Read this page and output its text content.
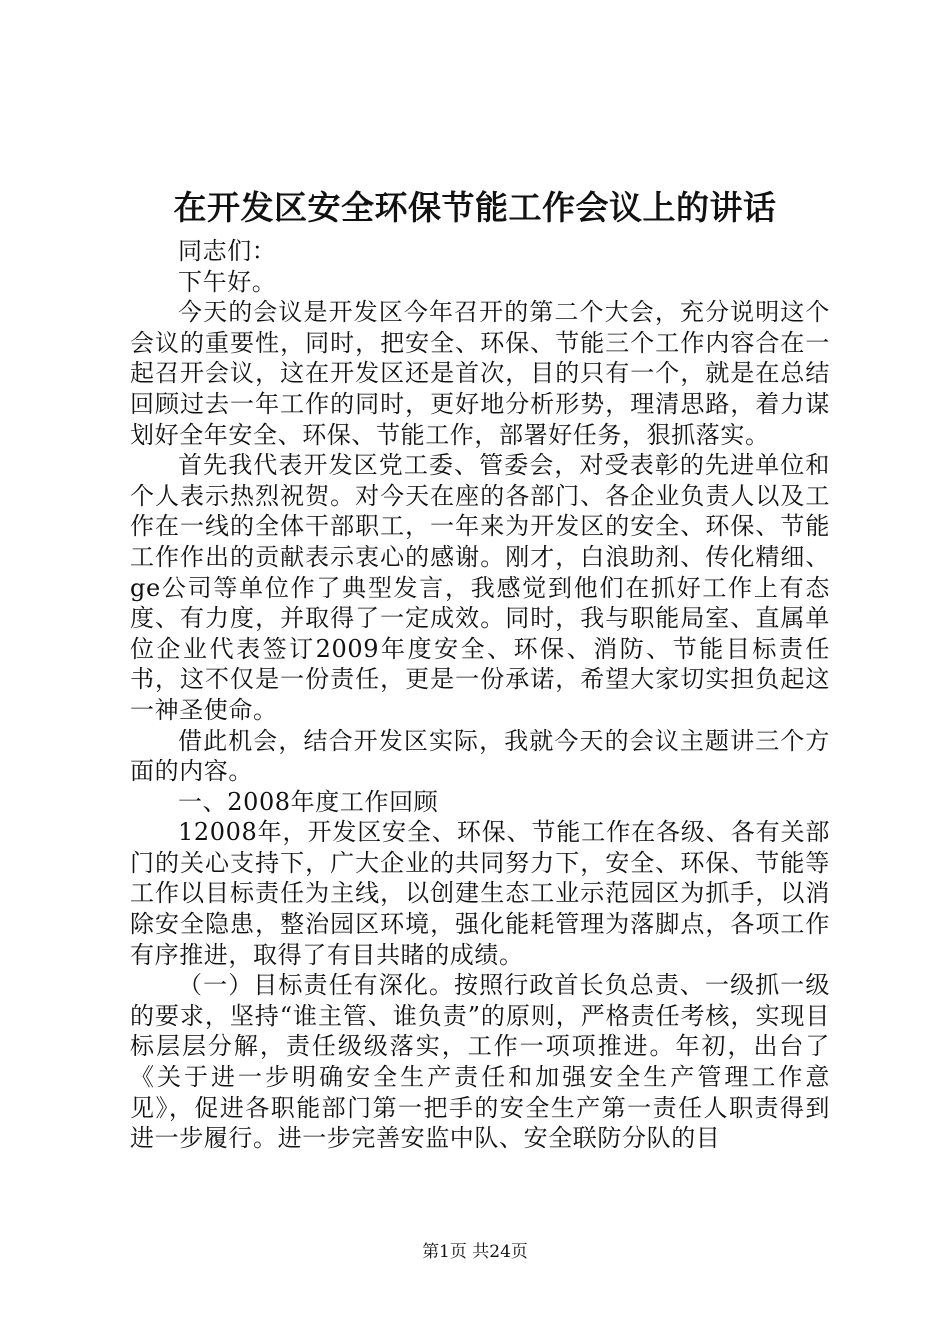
在开发区安全环保节能工作会议上的讲话

同志们：

下午好。

今天的会议是开发区今年召开的第二个大会，充分说明这个会议的重要性，同时，把安全、环保、节能三个工作内容合在一起召开会议，这在开发区还是首次，目的只有一个，就是在总结回顾过去一年工作的同时，更好地分析形势，理清思路，着力谋划好全年安全、环保、节能工作，部署好任务，狠抓落实。

首先我代表开发区党工委、管委会，对受表彰的先进单位和个人表示热烈祝贺。对今天在座的各部门、各企业负责人以及工作在一线的全体干部职工，一年来为开发区的安全、环保、节能工作作出的贡献表示衷心的感谢。刚才，白浪助剂、传化精细、ge公司等单位作了典型发言，我感觉到他们在抓好工作上有态度、有力度，并取得了一定成效。同时，我与职能局室、直属单位企业代表签订2009年度安全、环保、消防、节能目标责任书，这不仅是一份责任，更是一份承诺，希望大家切实担负起这一神圣使命。

借此机会，结合开发区实际，我就今天的会议主题讲三个方面的内容。

一、2008年度工作回顾

12008年，开发区安全、环保、节能工作在各级、各有关部门的关心支持下，广大企业的共同努力下，安全、环保、节能等工作以目标责任为主线，以创建生态工业示范园区为抓手，以消除安全隐患，整治园区环境，强化能耗管理为落脚点，各项工作有序推进，取得了有目共睹的成绩。

（一）目标责任有深化。按照行政首长负总责、一级抓一级的要求，坚持“谁主管、谁负责”的原则，严格责任考核，实现目标层层分解，责任级级落实，工作一项项推进。年初，出台了《关于进一步明确安全生产责任和加强安全生产管理工作意见》，促进各职能部门第一把手的安全生产第一责任人职责得到进一步履行。进一步完善安监中队、安全联防分队的目

第1页 共24页
